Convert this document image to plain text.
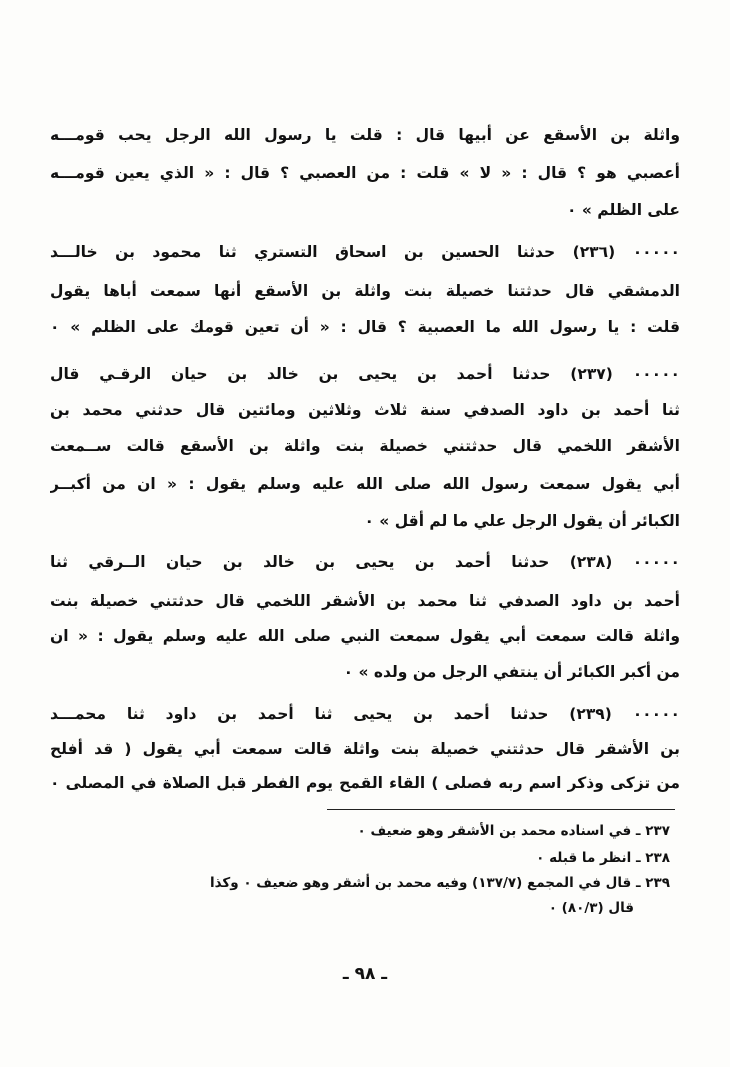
واثلة بن الأسقع عن أبيها قال : قلت يا رسول الله الرجل يحب قومـــه
أعصبي هو ؟ قال : « لا » قلت : من العصبي ؟ قال : « الذي يعين قومـــه
على الظلم » ٠
٠٠٠٠٠ (٢٣٦) حدثنا الحسين بن اسحاق التستري ثنا محمود بن خالـــد
الدمشقي قال حدثتنا خصيلة بنت واثلة بن الأسقع أنها سمعت أباها يقول
قلت : يا رسول الله ما العصبية ؟ قال : « أن تعين قومك على الظلم » ٠
٠٠٠٠٠ (٢٣٧) حدثنا أحمد بن يحيى بن خالد بن حيان الرقـي قال
ثنا أحمد بن داود الصدفي سنة ثلاث وثلاثين ومائتين قال حدثني محمد بن
الأشقر اللخمي قال حدثتني خصيلة بنت واثلة بن الأسقع قالت ســمعت
أبي يقول سمعت رسول الله صلى الله عليه وسلم يقول : « ان من أكبــر
الكبائر أن يقول الرجل علي ما لم أقل » ٠
٠٠٠٠٠ (٢٣٨) حدثنا أحمد بن يحيى بن خالد بن حيان الــرقي ثنا
أحمد بن داود الصدفي ثنا محمد بن الأشقر اللخمي قال حدثتني خصيلة بنت
واثلة قالت سمعت أبي يقول سمعت النبي صلى الله عليه وسلم يقول : « ان
من أكبر الكبائر أن ينتفي الرجل من ولده » ٠
٠٠٠٠٠ (٢٣٩) حدثنا أحمد بن يحيى ثنا أحمد بن داود ثنا محمـــد
بن الأشقر قال حدثتني خصيلة بنت واثلة قالت سمعت أبي يقول ( قد أفلح
من تزكى وذكر اسم ربه فصلى ) القاء القمح يوم الفطر قبل الصلاة في المصلى ٠
٢٣٧ ـ في اسناده محمد بن الأشقر وهو ضعيف ٠
٢٣٨ ـ انظر ما قبله ٠
٢٣٩ ـ قال في المجمع (١٣٧/٧) وفيه محمد بن أشقر وهو ضعيف ٠ وكذا
قال (٨٠/٣) ٠
ـ ٩٨ ـ
